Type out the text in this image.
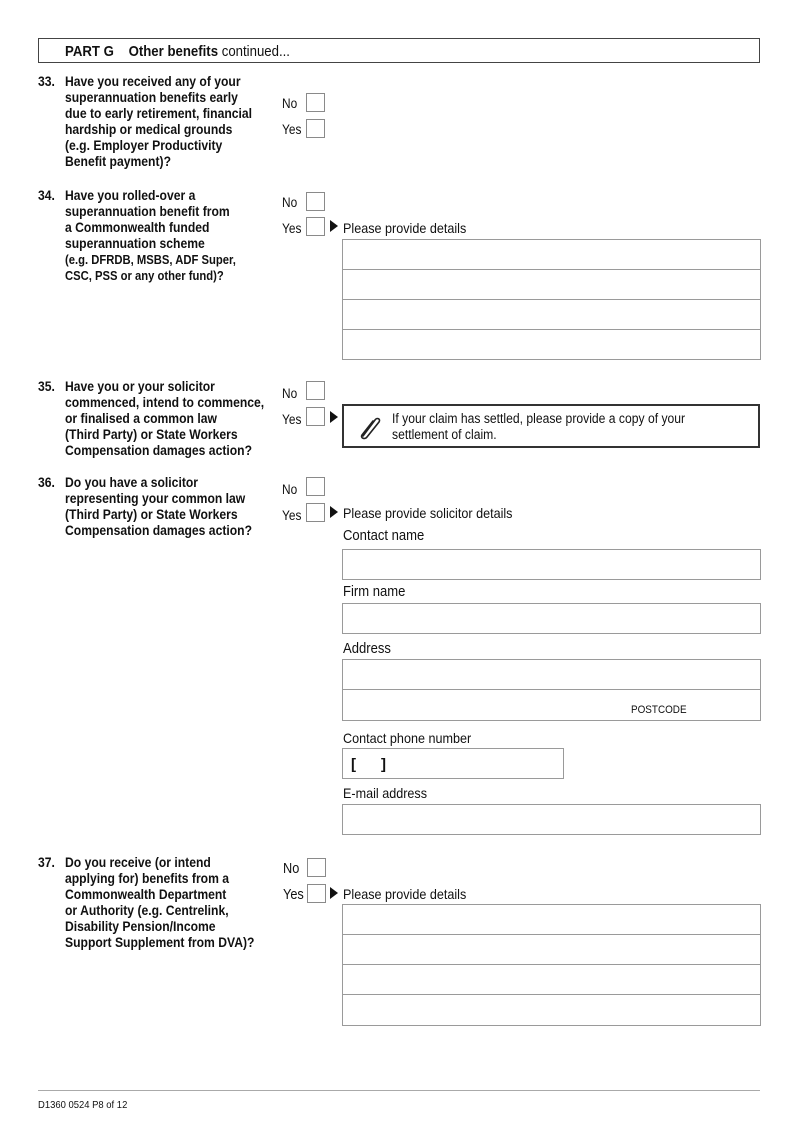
PART G Other benefits continued...
33. Have you received any of your
superannuation benefits early
due to early retirement, financial
hardship or medical grounds
(e.g. Employer Productivity
Benefit payment)?
No
Yes
34. Have you rolled-over a
superannuation benefit from
a Commonwealth funded
superannuation scheme
(e.g. DFRDB, MSBS, ADF Super,
CSC, PSS or any other fund)?
No
Yes	Please provide details
35. Have you or your solicitor
commenced, intend to commence,
or finalised a common law
(Third Party) or State Workers
Compensation damages action?
No
Yes	If your claim has settled, please provide a copy of your
settlement of claim.
36. Do you have a solicitor
representing your common law
(Third Party) or State Workers
Compensation damages action?
No
Yes	Please provide solicitor details
Contact name
Firm name
Address
POSTCODE
Contact phone number
[      ]
E-mail address
37. Do you receive (or intend
applying for) benefits from a
Commonwealth Department
or Authority (e.g. Centrelink,
Disability Pension/Income
Support Supplement from DVA)?
No
Yes	Please provide details
D1360 0524 P8 of 12
